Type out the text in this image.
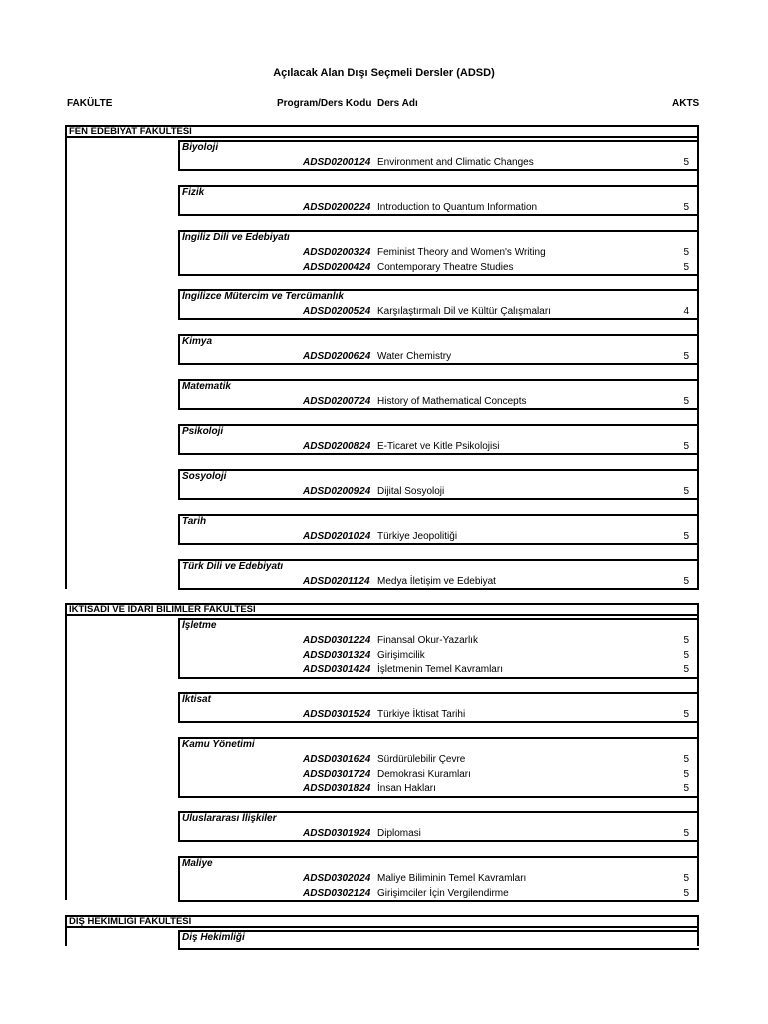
Açılacak Alan Dışı Seçmeli Dersler (ADSD)
FAKÜLTE	Program/Ders Kodu Ders Adı	AKTS
FEN EDEBİYAT FAKÜLTESİ
Biyoloji
ADSD0200124 Environment and Climatic Changes	5
Fizik
ADSD0200224 Introduction to Quantum Information	5
İngiliz Dili ve Edebiyatı
ADSD0200324 Feminist Theory and Women's Writing	5
ADSD0200424 Contemporary Theatre Studies	5
İngilizce Mütercim ve Tercümanlık
ADSD0200524 Karşılaştırmalı Dil ve Kültür Çalışmaları	4
Kimya
ADSD0200624 Water Chemistry	5
Matematik
ADSD0200724 History of Mathematical Concepts	5
Psikoloji
ADSD0200824 E-Ticaret ve Kitle Psikolojisi	5
Sosyoloji
ADSD0200924 Dijital Sosyoloji	5
Tarih
ADSD0201024 Türkiye Jeopolitiği	5
Türk Dili ve Edebiyatı
ADSD0201124 Medya İletişim ve Edebiyat	5
İKTİSADİ VE İDARİ BİLİMLER FAKÜLTESİ
İşletme
ADSD0301224 Finansal Okur-Yazarlık	5
ADSD0301324 Girişimcilik	5
ADSD0301424 İşletmenin Temel Kavramları	5
İktisat
ADSD0301524 Türkiye İktisat Tarihi	5
Kamu Yönetimi
ADSD0301624 Sürdürülebilir Çevre	5
ADSD0301724 Demokrasi Kuramları	5
ADSD0301824 İnsan Hakları	5
Uluslararası İlişkiler
ADSD0301924 Diplomasi	5
Maliye
ADSD0302024 Maliye Biliminin Temel Kavramları	5
ADSD0302124 Girişimciler İçin Vergilendirme	5
DİŞ HEKİMLİĞİ FAKÜLTESİ
Diş Hekimliği
